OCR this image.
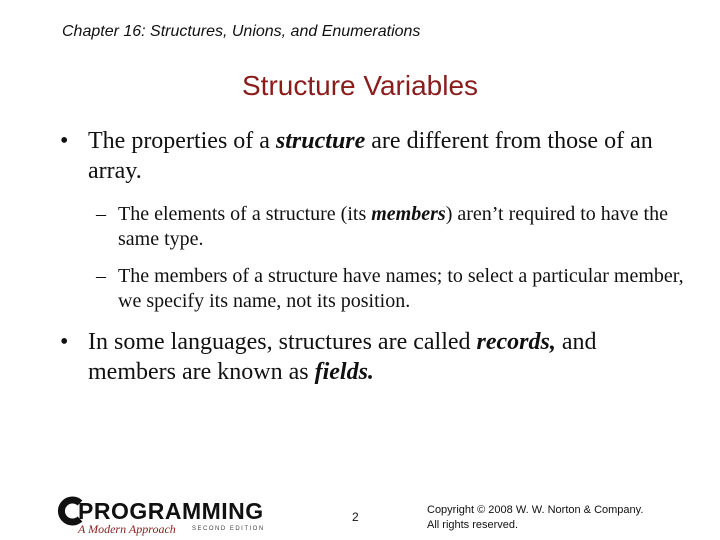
Chapter 16: Structures, Unions, and Enumerations
Structure Variables
• The properties of a structure are different from those of an array.
– The elements of a structure (its members) aren’t required to have the same type.
– The members of a structure have names; to select a particular member, we specify its name, not its position.
• In some languages, structures are called records, and members are known as fields.
PROGRAMMING
A Modern Approach	SECOND EDITION
2	Copyright © 2008 W. W. Norton & Company.
All rights reserved.
